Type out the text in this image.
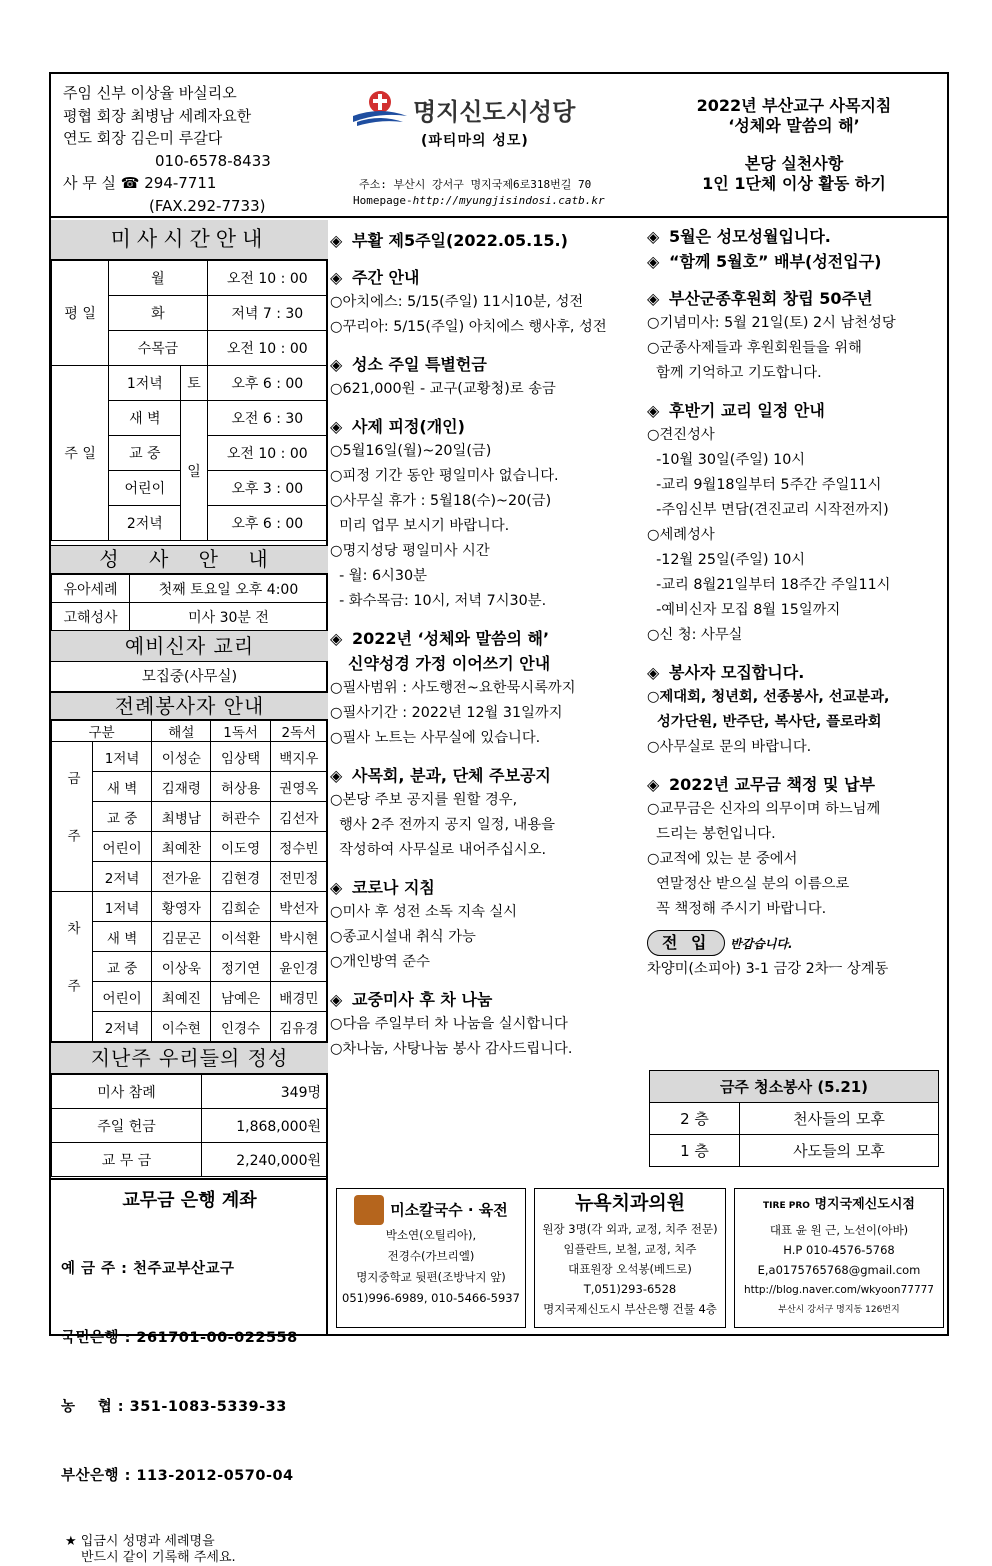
주임 신부 이상율 바실리오
평협 회장 최병남 세례자요한
연도 회장 김은미 루갈다
010-6578-8433
사 무 실 ☎ 294-7711
(FAX.292-7733)
명지신도시성당
(파티마의 성모)
주소: 부산시 강서구 명지국제6로318번길 70
Homepage-http://myungjisindosi.catb.kr
2022년 부산교구 사목지침
‘성체와 말씀의 해’
본당 실천사항
1인 1단체 이상 활동 하기
미사시간안내
평 일	월		오전 10 : 00
	화		저녁 7 : 30
	수목금		오전 10 : 00
주 일	1저녁	토	오후 6 : 00
	새 벽	일	오전 6 : 30
	교 중		오전 10 : 00
	어린이		오후 3 : 00
	2저녁		오후 6 : 00
성 사 안 내
유아세례	첫째 토요일 오후 4:00
고해성사	미사 30분 전
예비신자 교리
모집중(사무실)
전례봉사자 안내
구분		해설	1독서	2독서
금 주	1저녁	이성순	임상택	백지우
	새 벽	김재령	허상용	권영옥
	교 중	최병남	허관수	김선자
	어린이	최예찬	이도영	정수빈
	2저녁	전가윤	김현경	전민정
차 주	1저녁	황영자	김희순	박선자
	새 벽	김문곤	이석환	박시현
	교 중	이상욱	정기연	윤인경
	어린이	최예진	남예은	배경민
	2저녁	이수현	인경수	김유경
지난주 우리들의 정성
미사 참례	349명
주일 헌금	1,868,000원
교 무 금	2,240,000원
교무금 은행 계좌

예 금 주 : 천주교부산교구

국민은행 : 261701-00-022558

농    협 : 351-1083-5339-33

부산은행 : 113-2012-0570-04

★ 입금시 성명과 세례명을
반드시 같이 기록해 주세요.
◈ 부활 제5주일(2022.05.15.)
◈ 주간 안내
○아치에스: 5/15(주일) 11시10분, 성전
○꾸리아: 5/15(주일) 아치에스 행사후, 성전
◈ 성소 주일 특별헌금
○621,000원 - 교구(교황청)로 송금
◈ 사제 피정(개인)
○5월16일(월)~20일(금)
○피정 기간 동안 평일미사 없습니다.
○사무실 휴가 : 5월18(수)~20(금)
미리 업무 보시기 바랍니다.
○명지성당 평일미사 시간
- 월: 6시30분
- 화수목금: 10시, 저녁 7시30분.
◈ 2022년 ‘성체와 말씀의 해’
신약성경 가정 이어쓰기 안내
○필사범위 : 사도행전~요한묵시록까지
○필사기간 : 2022년 12월 31일까지
○필사 노트는 사무실에 있습니다.
◈ 사목회, 분과, 단체 주보공지
○본당 주보 공지를 원할 경우,
행사 2주 전까지 공지 일정, 내용을
작성하여 사무실로 내어주십시오.
◈ 코로나 지침
○미사 후 성전 소독 지속 실시
○종교시설내 취식 가능
○개인방역 준수
◈ 교중미사 후 차 나눔
○다음 주일부터 차 나눔을 실시합니다
○차나눔, 사탕나눔 봉사 감사드립니다.
◈ 5월은 성모성월입니다.
◈ “함께 5월호” 배부(성전입구)
◈ 부산군종후원회 창립 50주년
○기념미사: 5월 21일(토) 2시 남천성당
○군종사제들과 후원회원들을 위해
함께 기억하고 기도합니다.
◈ 후반기 교리 일정 안내
○견진성사
-10월 30일(주일) 10시
-교리 9월18일부터 5주간 주일11시
-주임신부 면담(견진교리 시작전까지)
○세례성사
-12월 25일(주일) 10시
-교리 8월21일부터 18주간 주일11시
-예비신자 모집 8월 15일까지
○신 청: 사무실
◈ 봉사자 모집합니다.
○제대회, 청년회, 선종봉사, 선교분과,
성가단원, 반주단, 복사단, 플로라회
○사무실로 문의 바랍니다.
◈ 2022년 교무금 책정 및 납부
○교무금은 신자의 의무이며 하느님께
드리는 봉헌입니다.
○교적에 있는 분 중에서
연말정산 받으실 분의 이름으로
꼭 책정해 주시기 바랍니다.
전 입 반갑습니다.
차양미(소피아) 3-1 금강 2차ㅡ 상계동
금주 청소봉사 (5.21)	
2 층	천사들의 모후
1 층	사도들의 모후
미소칼국수 · 육전
박소연(오틸리아),
전경수(가브리엘)
명지중학교 뒷편(조방낙지 앞)
051)996-6989, 010-5466-5937
뉴욕치과의원
원장 3명(각 외과, 교정, 치주 전문)
임플란트, 보철, 교정, 치주
대표원장 오석봉(베드로)
T,051)293-6528
명지국제신도시 부산은행 건물 4층
TIRE PRO 명지국제신도시점
대표 윤 원 근, 노선이(아바)
H.P 010-4576-5768
E,a0175765768@gmail.com
http://blog.naver.com/wkyoon77777
부산시 강서구 명지동 126번지
